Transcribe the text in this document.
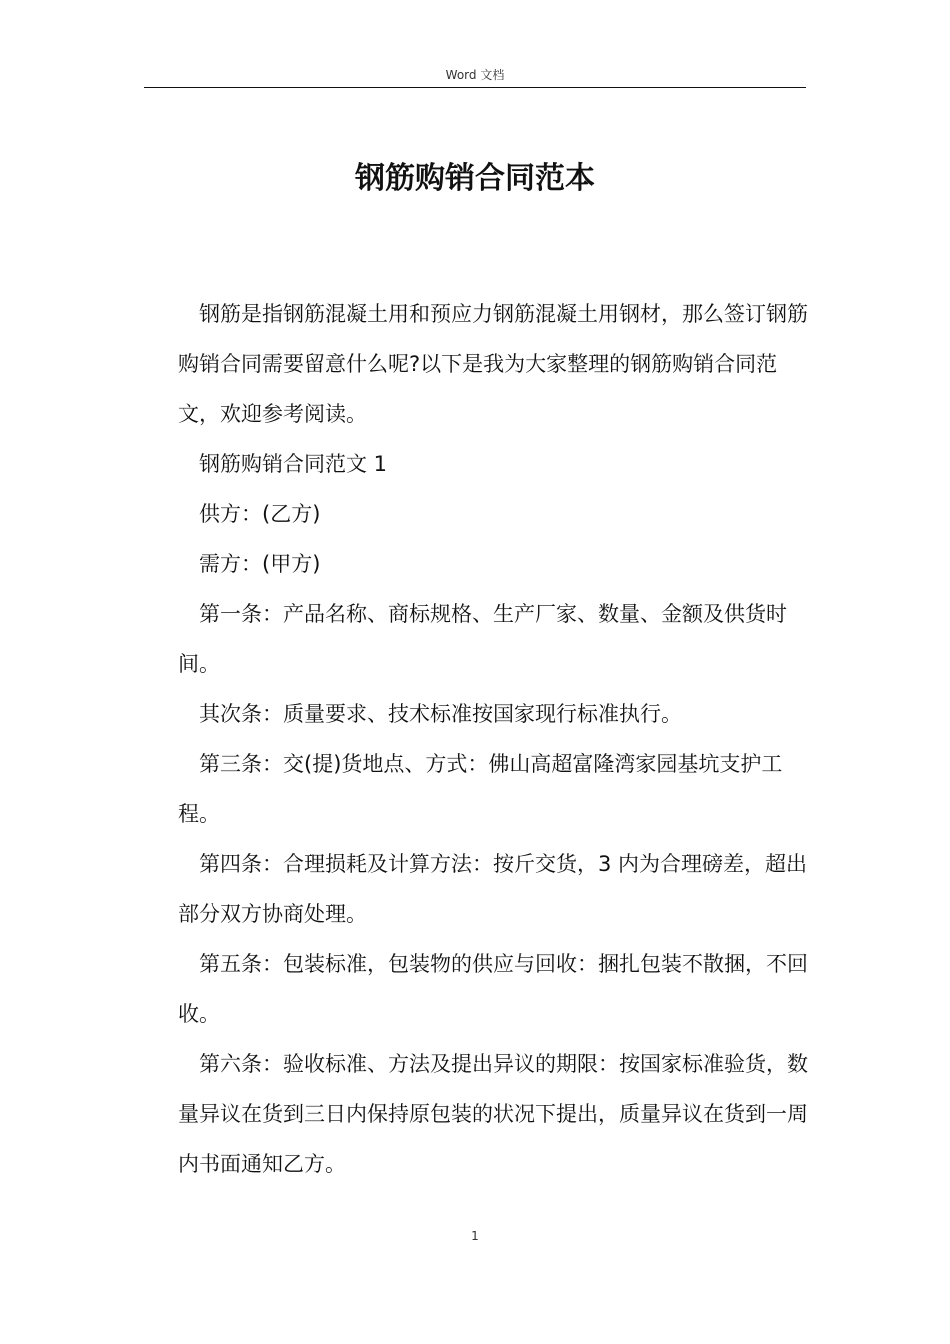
Word 文档
钢筋购销合同范本

钢筋是指钢筋混凝土用和预应力钢筋混凝土用钢材，那么签订钢筋购销合同需要留意什么呢?以下是我为大家整理的钢筋购销合同范文，欢迎参考阅读。

钢筋购销合同范文 1

供方：(乙方)

需方：(甲方)

第一条：产品名称、商标规格、生产厂家、数量、金额及供货时间。

其次条：质量要求、技术标准按国家现行标准执行。

第三条：交(提)货地点、方式：佛山高超富隆湾家园基坑支护工程。

第四条：合理损耗及计算方法：按斤交货，3 内为合理磅差，超出部分双方协商处理。

第五条：包装标准，包装物的供应与回收：捆扎包装不散捆，不回收。

第六条：验收标准、方法及提出异议的期限：按国家标准验货，数量异议在货到三日内保持原包装的状况下提出，质量异议在货到一周内书面通知乙方。

1
